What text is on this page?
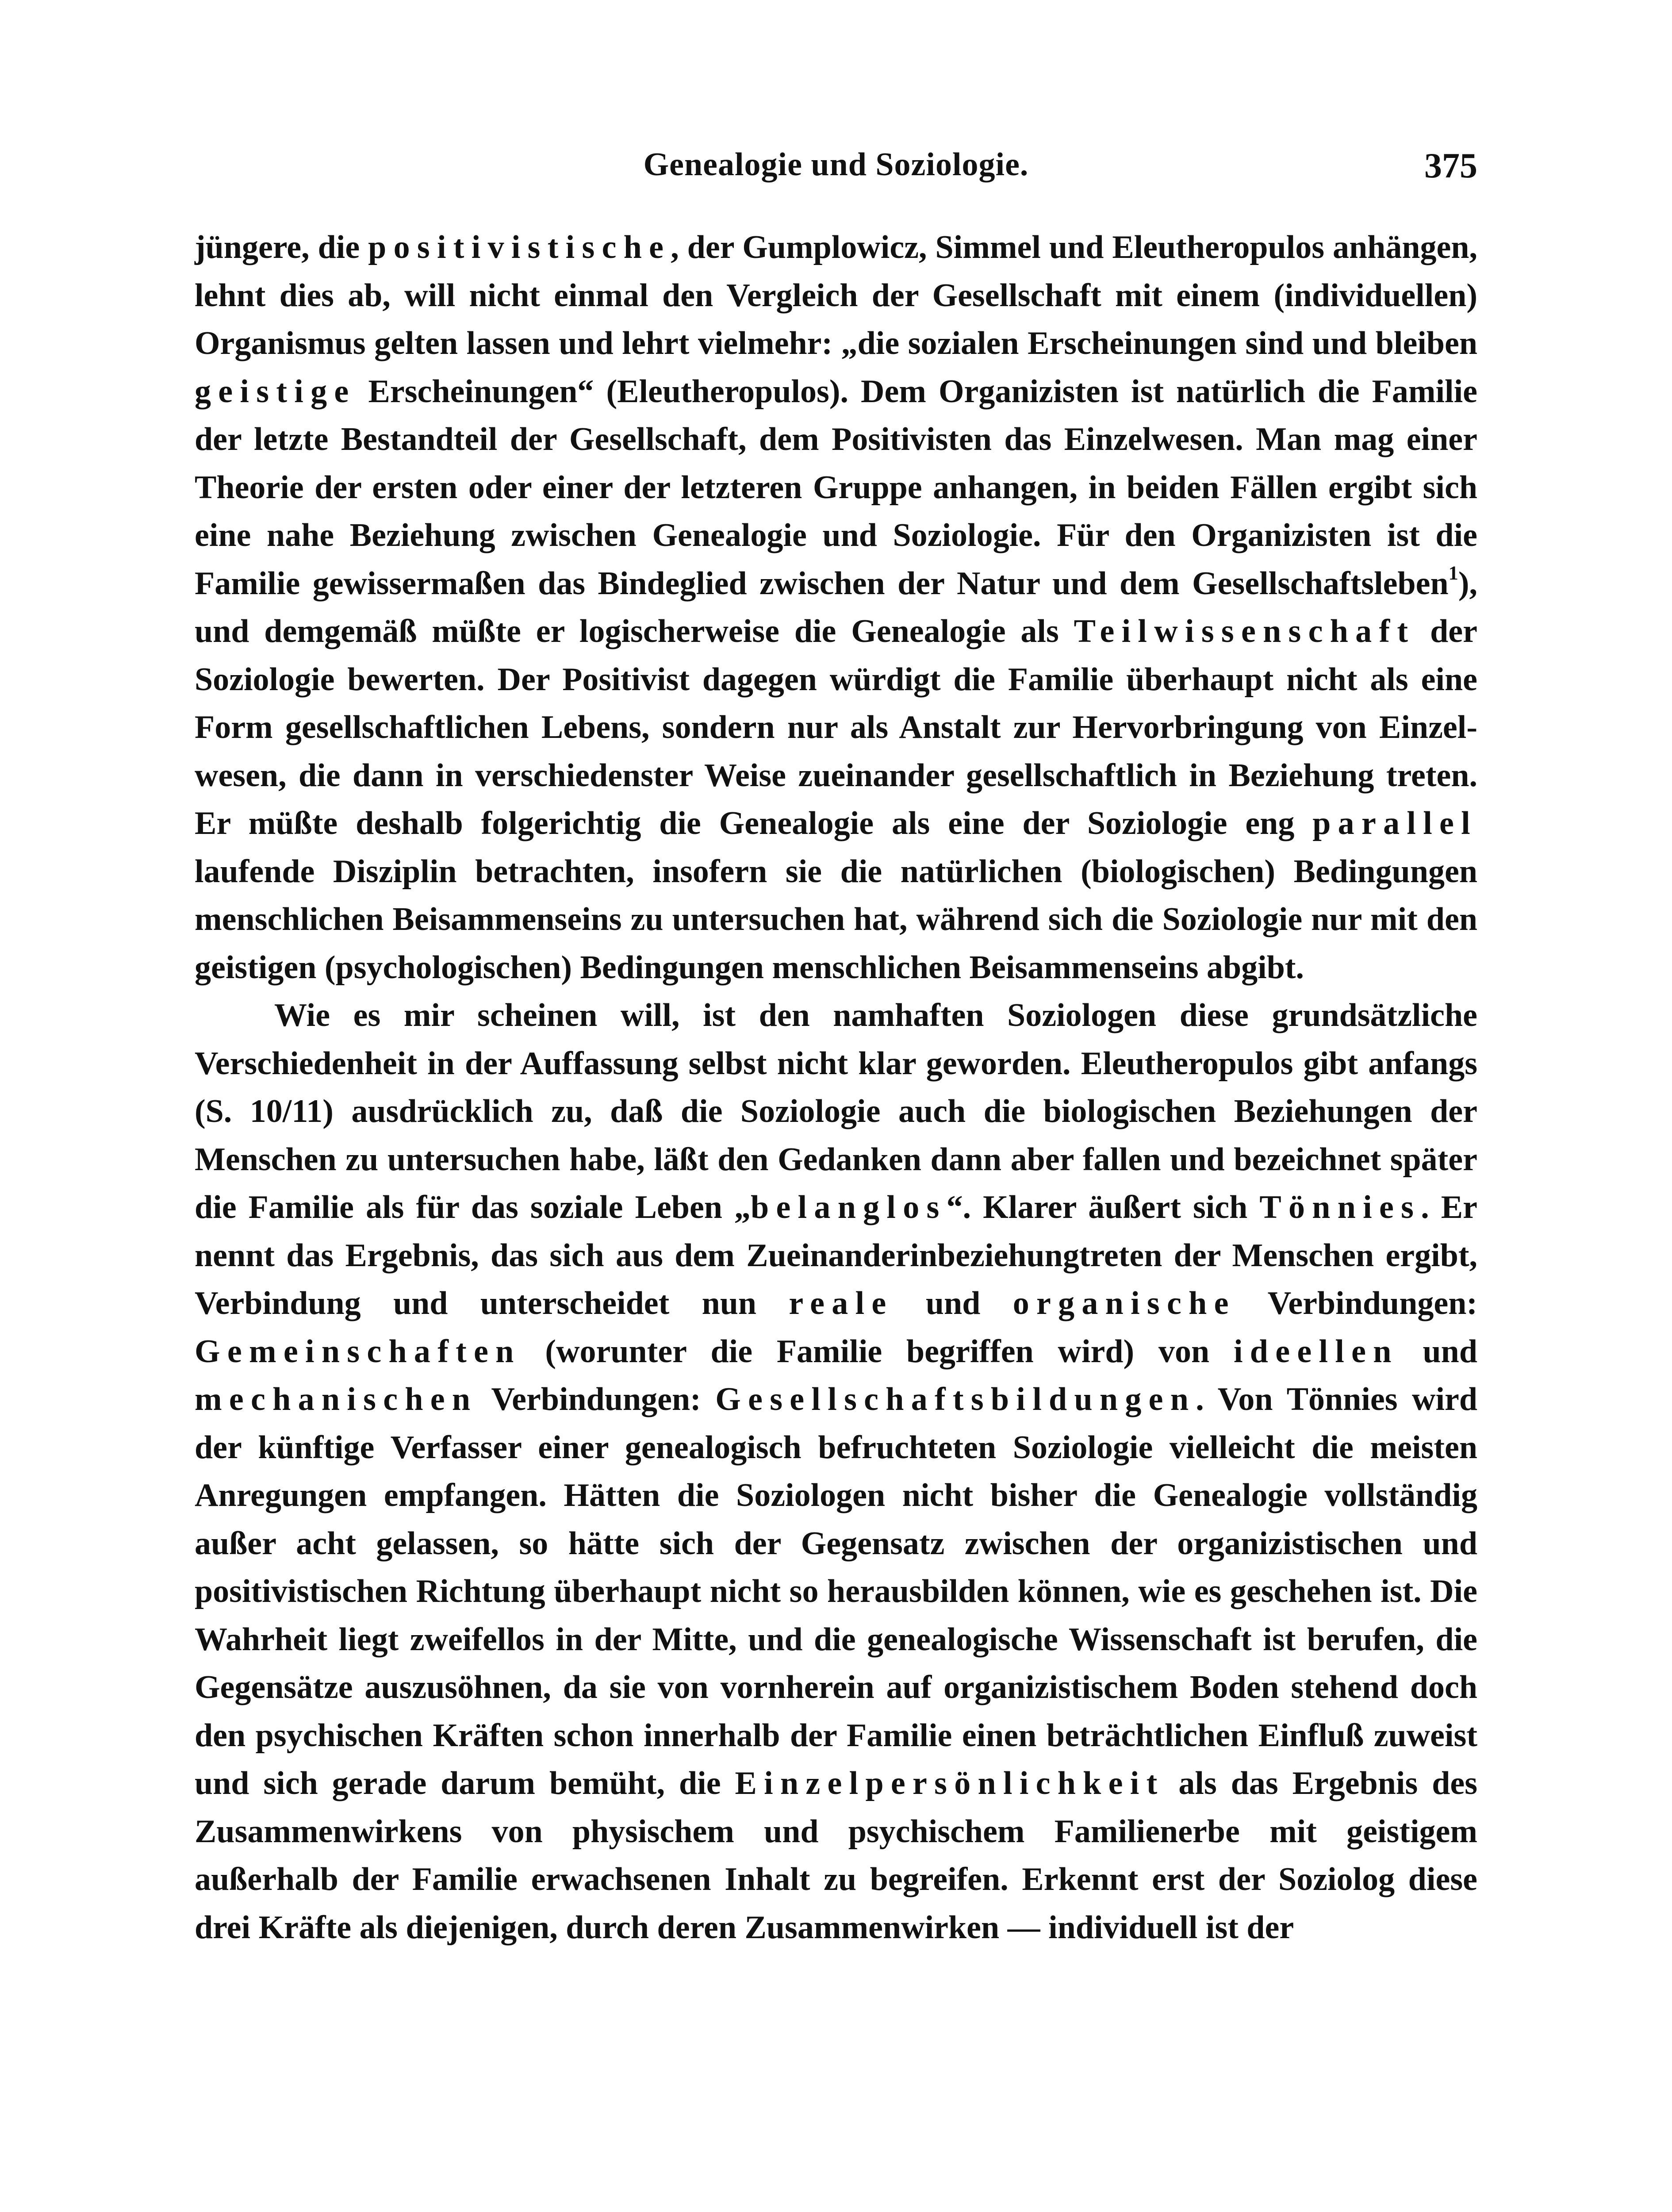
Genealogie und Soziologie.	375

jüngere, die positivistische, der Gumplowicz, Simmel und Eleutheropulos anhängen, lehnt dies ab, will nicht einmal den Vergleich der Gesellschaft mit einem (individuellen) Organismus gelten lassen und lehrt vielmehr: „die sozialen Erscheinungen sind und bleiben geistige Erscheinungen“ (Eleutheropulos). Dem Organizisten ist natürlich die Familie der letzte Bestandteil der Gesellschaft, dem Positivisten das Einzelwesen. Man mag einer Theorie der ersten oder einer der letzteren Gruppe anhangen, in beiden Fällen ergibt sich eine nahe Beziehung zwischen Genealogie und Soziologie. Für den Organizisten ist die Familie gewissermaßen das Bindeglied zwischen der Natur und dem Gesellschaftsleben$^1$), und demgemäß müßte er logischerweise die Genealogie als Teilwissenschaft der Soziologie bewerten. Der Positivist dagegen würdigt die Familie überhaupt nicht als eine Form gesellschaftlichen Lebens, sondern nur als Anstalt zur Hervorbringung von Einzelwesen, die dann in verschiedenster Weise zueinander gesellschaftlich in Beziehung treten. Er müßte deshalb folgerichtig die Genealogie als eine der Soziologie eng parallel laufende Disziplin betrachten, insofern sie die natürlichen (biologischen) Bedingungen menschlichen Beisammenseins zu untersuchen hat, während sich die Soziologie nur mit den geistigen (psychologischen) Bedingungen menschlichen Beisammenseins abgibt.

Wie es mir scheinen will, ist den namhaften Soziologen diese grundsätzliche Verschiedenheit in der Auffassung selbst nicht klar geworden. Eleutheropulos gibt anfangs (S. 10/11) ausdrücklich zu, daß die Soziologie auch die biologischen Beziehungen der Menschen zu untersuchen habe, läßt den Gedanken dann aber fallen und bezeichnet später die Familie als für das soziale Leben „belanglos“. Klarer äußert sich Tönnies. Er nennt das Ergebnis, das sich aus dem Zueinanderinbeziehungtreten der Menschen ergibt, Verbindung und unterscheidet nun reale und organische Verbindungen: Gemeinschaften (worunter die Familie begriffen wird) von ideellen und mechanischen Verbindungen: Gesellschaftsbildungen. Von Tönnies wird der künftige Verfasser einer genealogisch befruchteten Soziologie vielleicht die meisten Anregungen empfangen. Hätten die Soziologen nicht bisher die Genealogie vollständig außer acht gelassen, so hätte sich der Gegensatz zwischen der organizistischen und positivistischen Richtung überhaupt nicht so herausbilden können, wie es geschehen ist. Die Wahrheit liegt zweifellos in der Mitte, und die genealogische Wissenschaft ist berufen, die Gegensätze auszusöhnen, da sie von vornherein auf organizistischem Boden stehend doch den psychischen Kräften schon innerhalb der Familie einen beträchtlichen Einfluß zuweist und sich gerade darum bemüht, die Einzelpersönlichkeit als das Ergebnis des Zusammenwirkens von physischem und psychischem Familienerbe mit geistigem außerhalb der Familie erwachsenen Inhalt zu begreifen. Erkennt erst der Soziolog diese drei Kräfte als diejenigen, durch deren Zusammenwirken — individuell ist der
